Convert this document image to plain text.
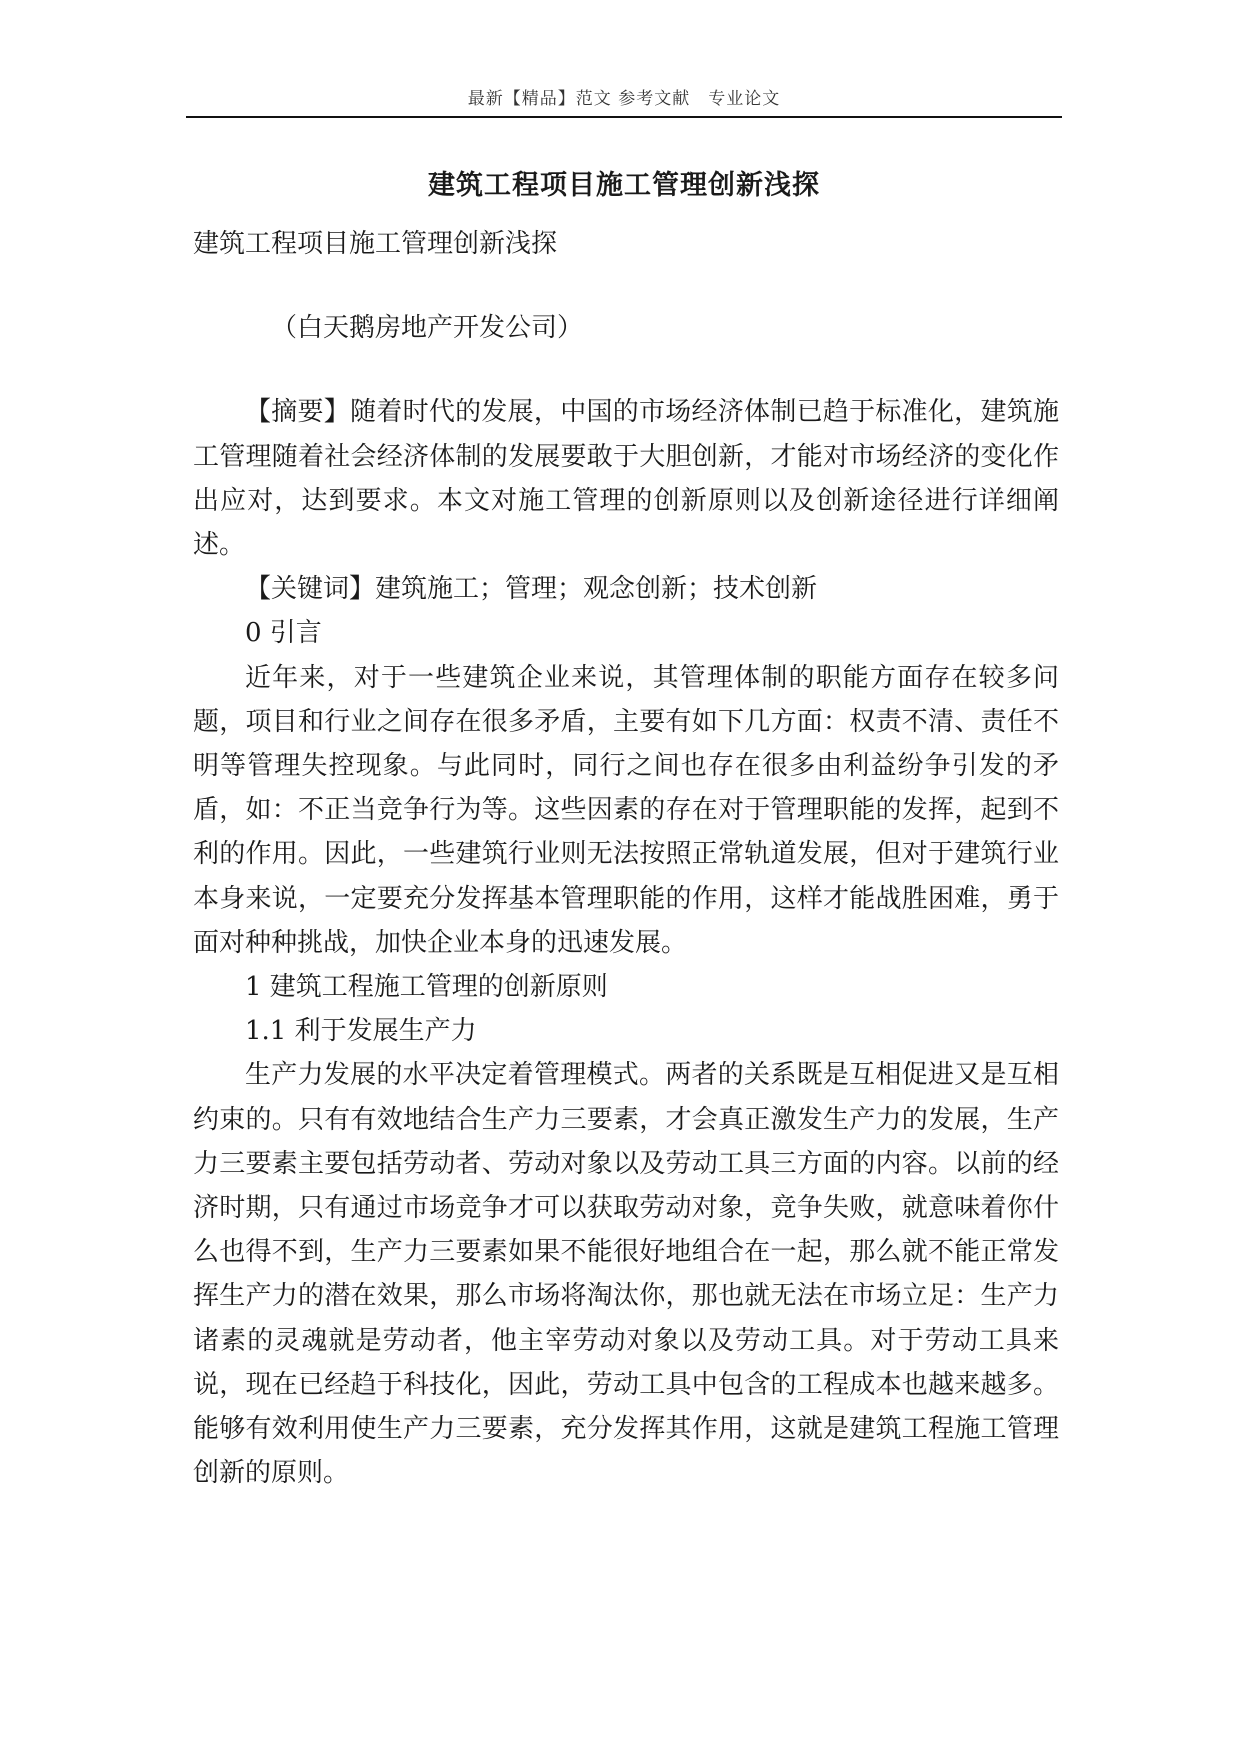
最新【精品】范文 参考文献　专业论文
建筑工程项目施工管理创新浅探

建筑工程项目施工管理创新浅探

（白天鹅房地产开发公司）

【摘要】随着时代的发展，中国的市场经济体制已趋于标准化，建筑施工管理随着社会经济体制的发展要敢于大胆创新，才能对市场经济的变化作出应对，达到要求。本文对施工管理的创新原则以及创新途径进行详细阐述。

【关键词】建筑施工；管理；观念创新；技术创新

0 引言

近年来，对于一些建筑企业来说，其管理体制的职能方面存在较多问题，项目和行业之间存在很多矛盾，主要有如下几方面：权责不清、责任不明等管理失控现象。与此同时，同行之间也存在很多由利益纷争引发的矛盾，如：不正当竞争行为等。这些因素的存在对于管理职能的发挥，起到不利的作用。因此，一些建筑行业则无法按照正常轨道发展，但对于建筑行业本身来说，一定要充分发挥基本管理职能的作用，这样才能战胜困难，勇于面对种种挑战，加快企业本身的迅速发展。

1 建筑工程施工管理的创新原则

1.1 利于发展生产力

生产力发展的水平决定着管理模式。两者的关系既是互相促进又是互相约束的。只有有效地结合生产力三要素，才会真正激发生产力的发展，生产力三要素主要包括劳动者、劳动对象以及劳动工具三方面的内容。以前的经济时期，只有通过市场竞争才可以获取劳动对象，竞争失败，就意味着你什么也得不到，生产力三要素如果不能很好地组合在一起，那么就不能正常发挥生产力的潜在效果，那么市场将淘汰你，那也就无法在市场立足：生产力诸素的灵魂就是劳动者，他主宰劳动对象以及劳动工具。对于劳动工具来说，现在已经趋于科技化，因此，劳动工具中包含的工程成本也越来越多。能够有效利用使生产力三要素，充分发挥其作用，这就是建筑工程施工管理创新的原则。
